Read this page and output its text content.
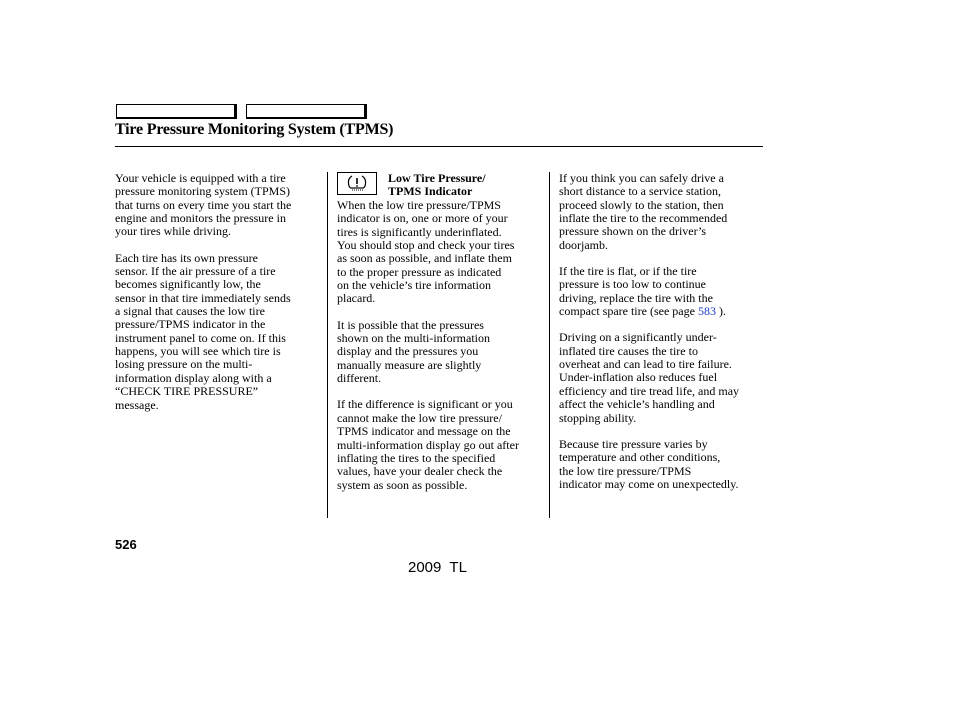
Tire Pressure Monitoring System (TPMS)

Your vehicle is equipped with a tire
pressure monitoring system (TPMS)
that turns on every time you start the
engine and monitors the pressure in
your tires while driving.

Each tire has its own pressure
sensor. If the air pressure of a tire
becomes significantly low, the
sensor in that tire immediately sends
a signal that causes the low tire
pressure/TPMS indicator in the
instrument panel to come on. If this
happens, you will see which tire is
losing pressure on the multi-
information display along with a
“CHECK TIRE PRESSURE”
message.

Low Tire Pressure/
TPMS Indicator

When the low tire pressure/TPMS
indicator is on, one or more of your
tires is significantly underinflated.
You should stop and check your tires
as soon as possible, and inflate them
to the proper pressure as indicated
on the vehicle’s tire information
placard.

It is possible that the pressures
shown on the multi-information
display and the pressures you
manually measure are slightly
different.

If the difference is significant or you
cannot make the low tire pressure/
TPMS indicator and message on the
multi-information display go out after
inflating the tires to the specified
values, have your dealer check the
system as soon as possible.

If you think you can safely drive a
short distance to a service station,
proceed slowly to the station, then
inflate the tire to the recommended
pressure shown on the driver’s
doorjamb.

If the tire is flat, or if the tire
pressure is too low to continue
driving, replace the tire with the
compact spare tire (see page 583 ).

Driving on a significantly under-
inflated tire causes the tire to
overheat and can lead to tire failure.
Under-inflation also reduces fuel
efficiency and tire tread life, and may
affect the vehicle’s handling and
stopping ability.

Because tire pressure varies by
temperature and other conditions,
the low tire pressure/TPMS
indicator may come on unexpectedly.

526
2009  TL
